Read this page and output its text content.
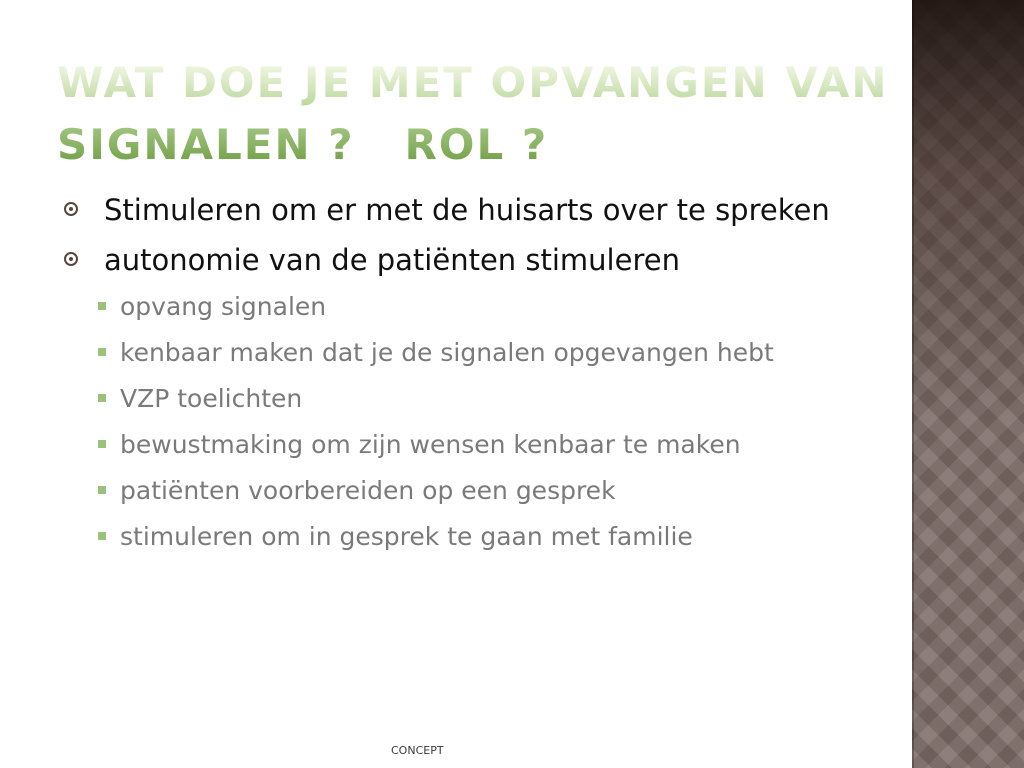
WAT DOE JE MET OPVANGEN VAN
SIGNALEN ?   ROL ?
Stimuleren om er met de huisarts over te spreken
autonomie van de patiënten stimuleren
opvang signalen
kenbaar maken dat je de signalen opgevangen hebt
VZP toelichten
bewustmaking om zijn wensen kenbaar te maken
patiënten voorbereiden op een gesprek
stimuleren om in gesprek te gaan met familie
CONCEPT
